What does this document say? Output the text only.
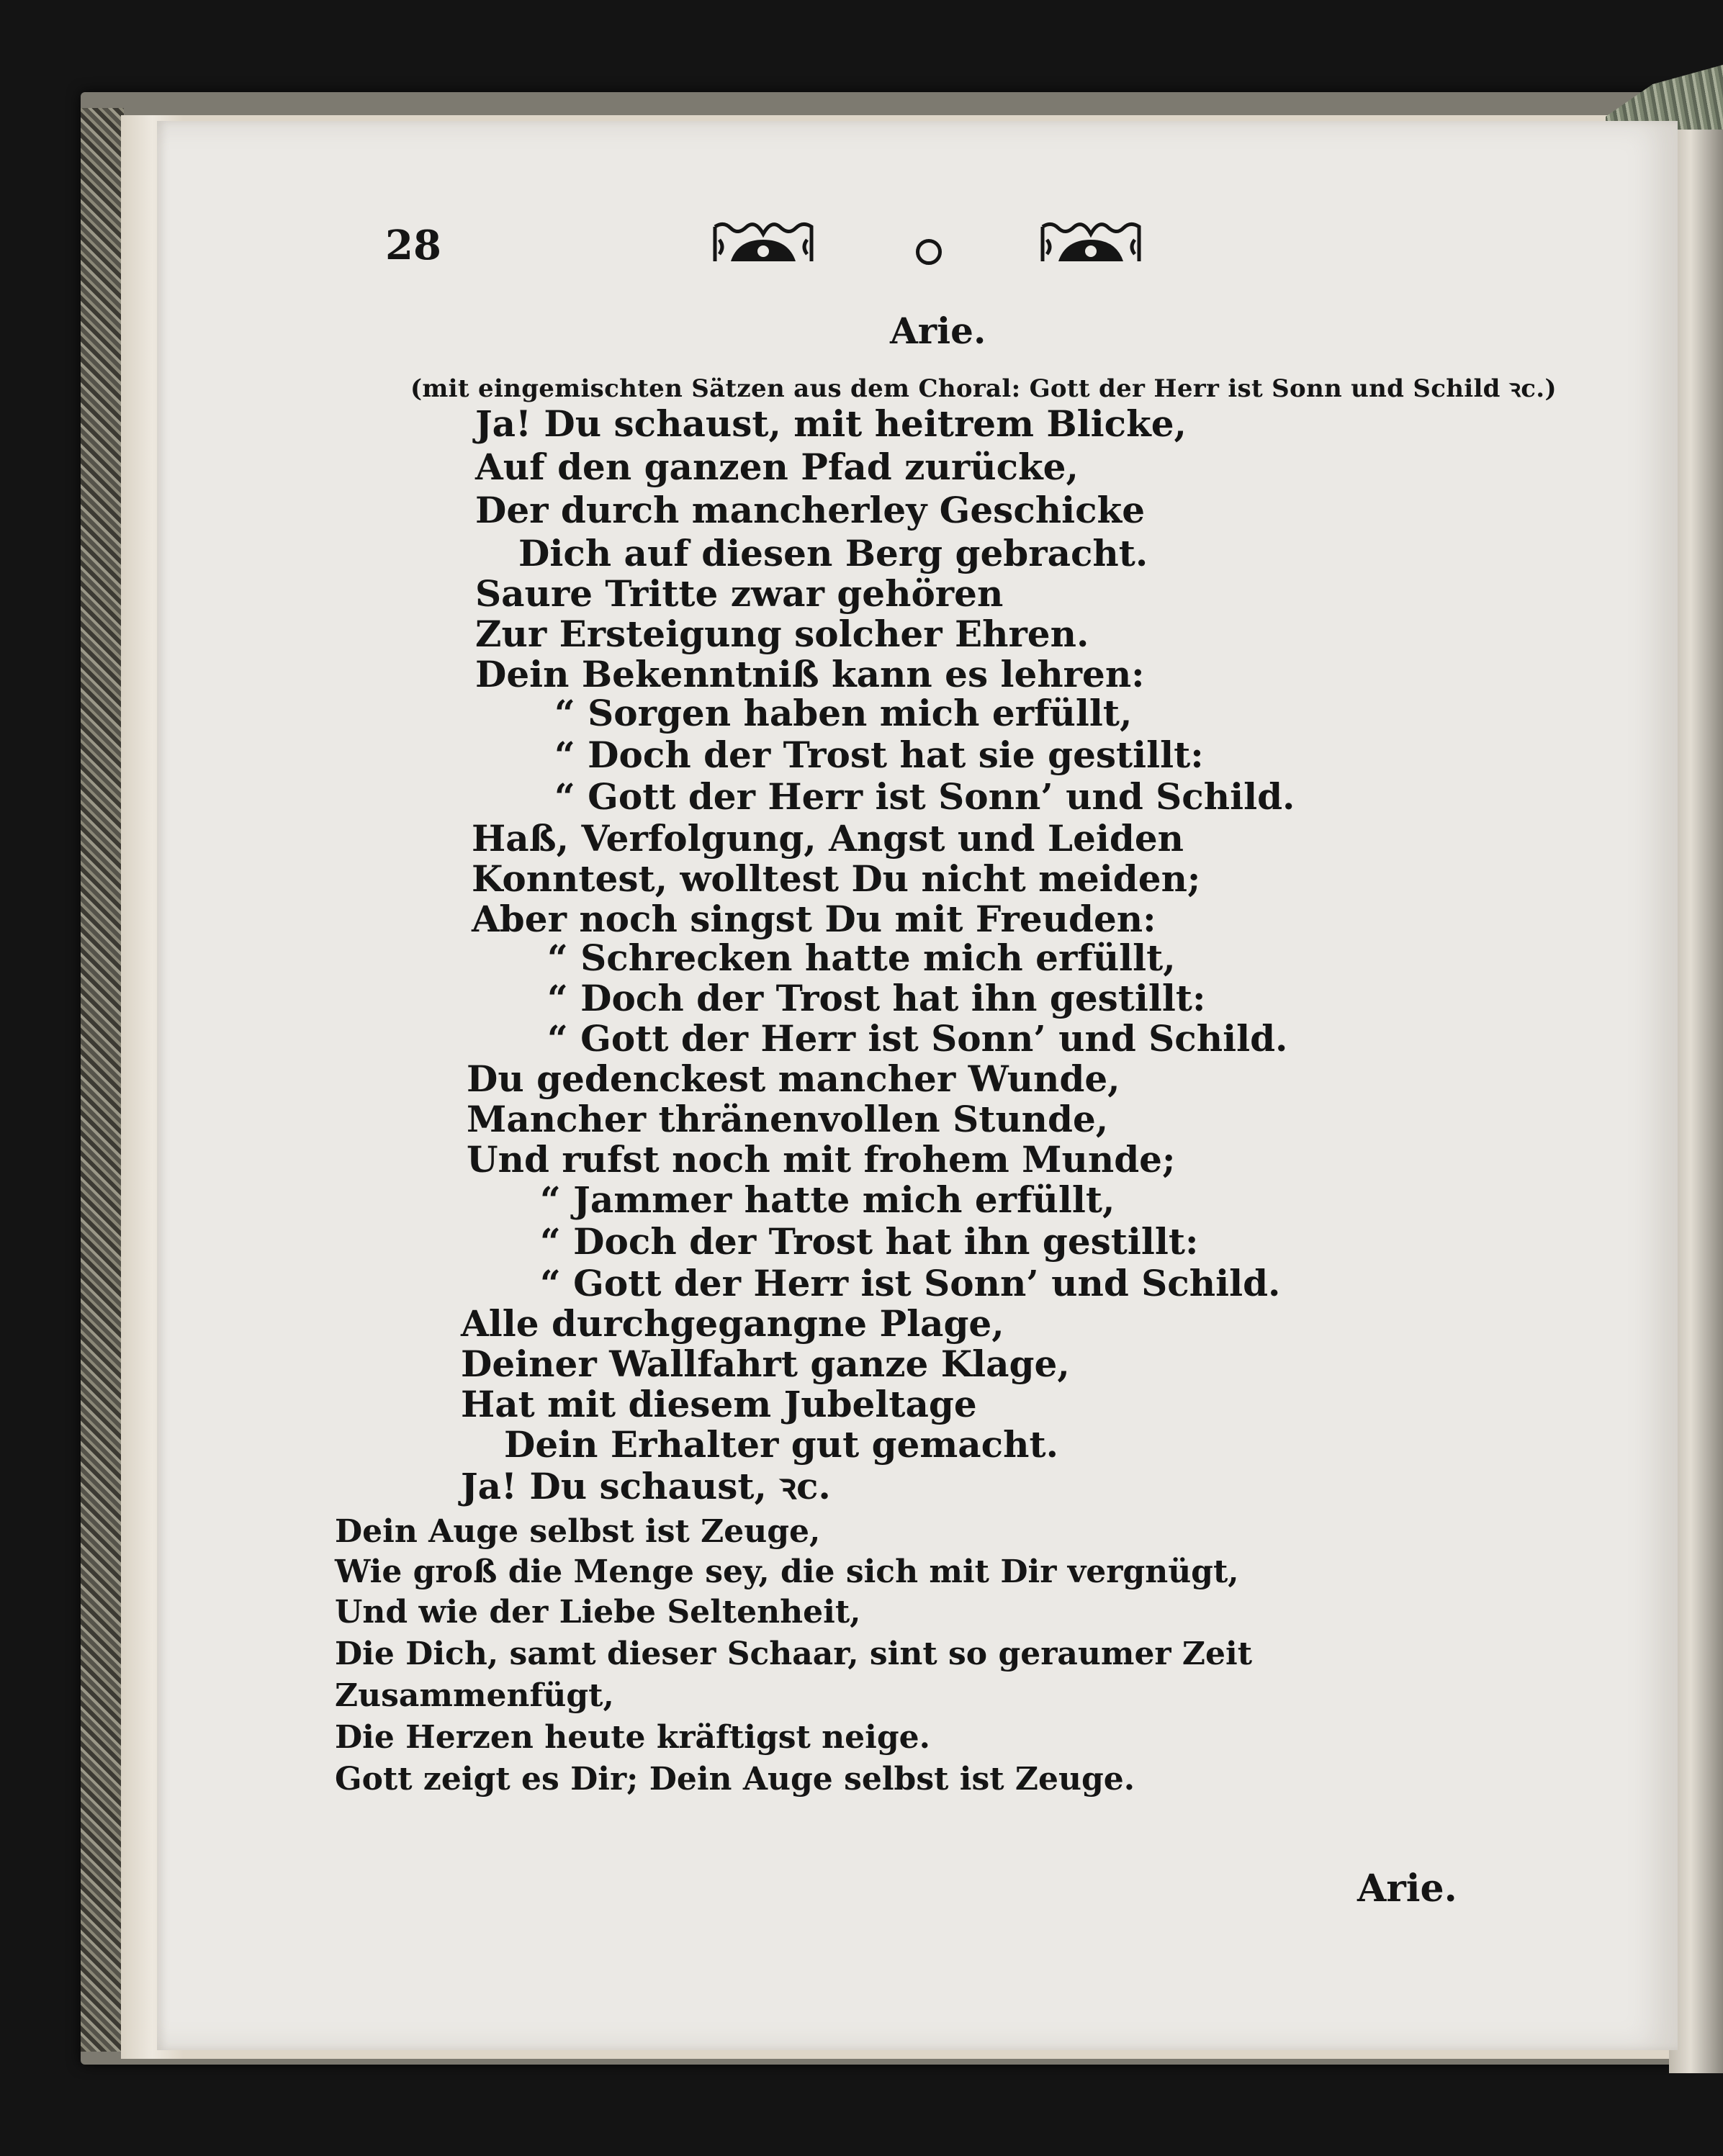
28
Arie.
(mit eingemischten Sätzen aus dem Choral: Gott der Herr ist Sonn und Schild ꝛc.)
Ja! Du schaust, mit heitrem Blicke,
Auf den ganzen Pfad zurücke,
Der durch mancherley Geschicke
Dich auf diesen Berg gebracht.
Saure Tritte zwar gehören
Zur Ersteigung solcher Ehren.
Dein Bekenntniß kann es lehren:
“ Sorgen haben mich erfüllt,
“ Doch der Trost hat sie gestillt:
“ Gott der Herr ist Sonn’ und Schild.
Haß, Verfolgung, Angst und Leiden
Konntest, wolltest Du nicht meiden;
Aber noch singst Du mit Freuden:
“ Schrecken hatte mich erfüllt,
“ Doch der Trost hat ihn gestillt:
“ Gott der Herr ist Sonn’ und Schild.
Du gedenckest mancher Wunde,
Mancher thränenvollen Stunde,
Und rufst noch mit frohem Munde;
“ Jammer hatte mich erfüllt,
“ Doch der Trost hat ihn gestillt:
“ Gott der Herr ist Sonn’ und Schild.
Alle durchgegangne Plage,
Deiner Wallfahrt ganze Klage,
Hat mit diesem Jubeltage
Dein Erhalter gut gemacht.
Ja! Du schaust, ꝛc.
Dein Auge selbst ist Zeuge,
Wie groß die Menge sey, die sich mit Dir vergnügt,
Und wie der Liebe Seltenheit,
Die Dich, samt dieser Schaar, sint so geraumer Zeit
Zusammenfügt,
Die Herzen heute kräftigst neige.
Gott zeigt es Dir; Dein Auge selbst ist Zeuge.
Arie.
